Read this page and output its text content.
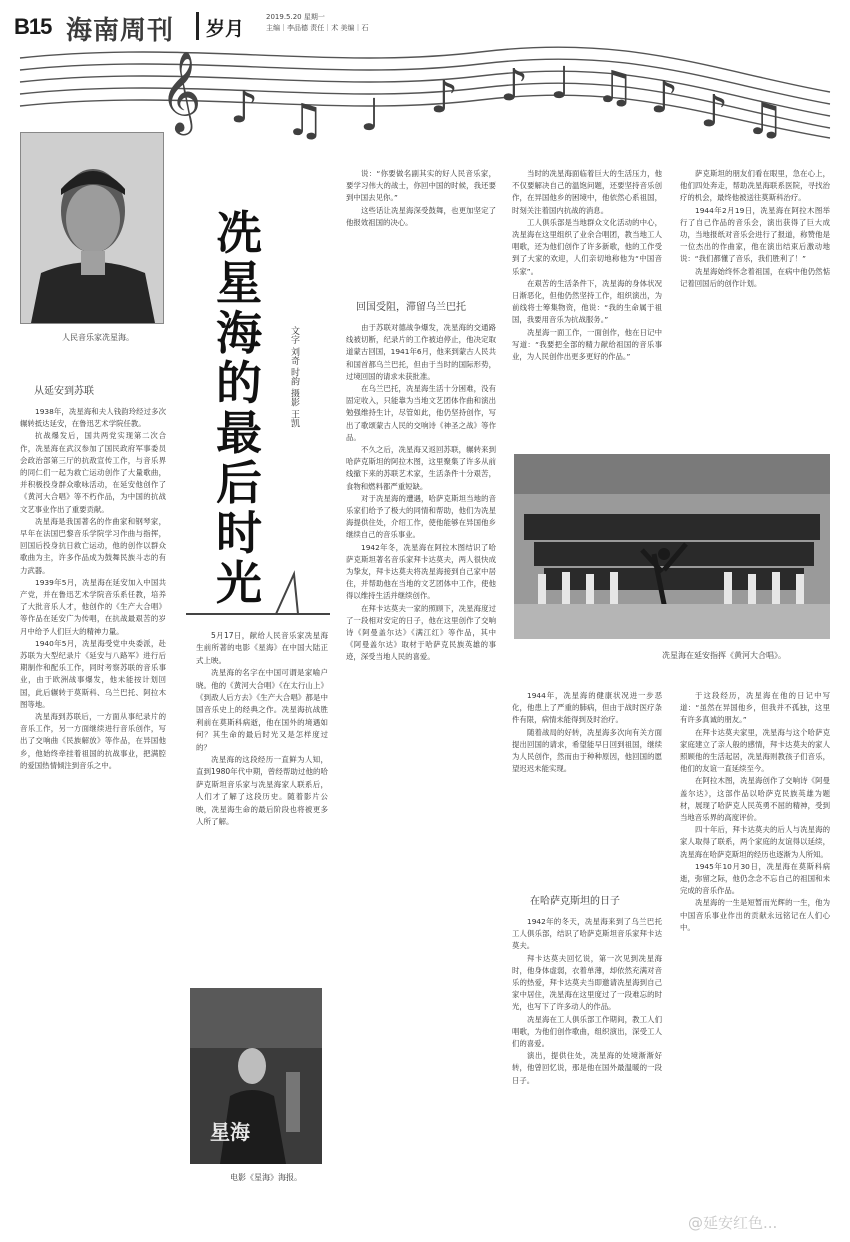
B15 海南周刊 岁月
2019.5.20 星期一
主编｜李品德 责任｜术 美编｜石
𝄞 ♪ ♫ ♩ ♪ ♪ ♩ ♫ ♪ ♪ ♫
人民音乐家冼星海。
冼
星
海
的
最
后
时
光
文字 刘奇 时韵 摄影 王凯
从延安到苏联

1938年，冼星海和夫人钱韵玲经过多次辗转抵达延安，在鲁迅艺术学院任教。

抗战爆发后，国共两党实现第二次合作，冼星海在武汉参加了国民政府军事委员会政治部第三厅的抗敌宣传工作，与音乐界的同仁们一起为救亡运动创作了大量歌曲，并积极投身群众歌咏活动，在延安他创作了《黄河大合唱》等不朽作品，为中国的抗战文艺事业作出了重要贡献。

冼星海是我国著名的作曲家和钢琴家，早年在法国巴黎音乐学院学习作曲与指挥，回国后投身抗日救亡运动，他的创作以群众歌曲为主，许多作品成为鼓舞民族斗志的有力武器。

1939年5月，冼星海在延安加入中国共产党，并在鲁迅艺术学院音乐系任教，培养了大批音乐人才，他创作的《生产大合唱》等作品在延安广为传唱，在抗战最艰苦的岁月中给予人们巨大的精神力量。

1940年5月，冼星海受党中央委派，赴苏联为大型纪录片《延安与八路军》进行后期制作和配乐工作，同时考察苏联的音乐事业，由于欧洲战事爆发，他未能按计划回国，此后辗转于莫斯科、乌兰巴托、阿拉木图等地。

冼星海到苏联后，一方面从事纪录片的音乐工作，另一方面继续进行音乐创作，写出了交响曲《民族解放》等作品，在异国他乡，他始终牵挂着祖国的抗战事业，把满腔的爱国热情倾注到音乐之中。

5月17日，献给人民音乐家冼星海生前所著的电影《星海》在中国大陆正式上映。

冼星海的名字在中国可谓是家喻户晓。他的《黄河大合唱》《在太行山上》《到敌人后方去》《生产大合唱》都是中国音乐史上的经典之作。冼星海抗战胜利前在莫斯科病逝，他在国外的境遇如何？其生命的最后时光又是怎样度过的？

冼星海的这段经历一直鲜为人知，直到1980年代中期，曾经帮助过他的哈萨克斯坦音乐家与冼星海家人联系后，人们才了解了这段历史。随着影片公映，冼星海生命的最后阶段也将被更多人所了解。

星海
电影《星海》海报。

说：“你要做名副其实的好人民音乐家，要学习伟大的战士，你回中国的时候，我还要到中国去见你。”

这些话让冼星海深受鼓舞，也更加坚定了他报效祖国的决心。

回国受阻，滞留乌兰巴托

由于苏联对德战争爆发，冼星海的交通路线被切断，纪录片的工作被迫停止，他决定取道蒙古回国，1941年6月，他来到蒙古人民共和国首都乌兰巴托，但由于当时的国际形势，过境回国的请求未获批准。

在乌兰巴托，冼星海生活十分困难，没有固定收入，只能靠为当地文艺团体作曲和演出勉强维持生计，尽管如此，他仍坚持创作，写出了歌颂蒙古人民的交响诗《神圣之战》等作品。

不久之后，冼星海又返回苏联，辗转来到哈萨克斯坦的阿拉木图，这里聚集了许多从前线撤下来的苏联艺术家，生活条件十分艰苦，食物和燃料都严重短缺。

对于冼星海的遭遇，哈萨克斯坦当地的音乐家们给予了极大的同情和帮助，他们为冼星海提供住处，介绍工作，使他能够在异国他乡继续自己的音乐事业。

1942年冬，冼星海在阿拉木图结识了哈萨克斯坦著名音乐家拜卡达莫夫，两人很快成为挚友，拜卡达莫夫将冼星海接到自己家中居住，并帮助他在当地的文艺团体中工作，使他得以维持生活并继续创作。

在拜卡达莫夫一家的照顾下，冼星海度过了一段相对安定的日子，他在这里创作了交响诗《阿曼盖尔达》《满江红》等作品，其中《阿曼盖尔达》取材于哈萨克民族英雄的事迹，深受当地人民的喜爱。

当时的冼星海面临着巨大的生活压力，他不仅要解决自己的温饱问题，还要坚持音乐创作，在异国他乡的困境中，他依然心系祖国，时刻关注着国内抗战的消息。

工人俱乐部是当地群众文化活动的中心，冼星海在这里组织了业余合唱团，教当地工人唱歌，还为他们创作了许多新歌，他的工作受到了大家的欢迎，人们亲切地称他为“中国音乐家”。

在艰苦的生活条件下，冼星海的身体状况日渐恶化，但他仍然坚持工作，组织演出，为前线将士筹集物资，他说：“我的生命属于祖国，我要用音乐为抗战服务。”

冼星海一面工作，一面创作，他在日记中写道：“我要把全部的精力献给祖国的音乐事业，为人民创作出更多更好的作品。”

萨克斯坦的朋友们看在眼里，急在心上，他们四处奔走，帮助冼星海联系医院，寻找治疗的机会，最终他被送往莫斯科治疗。

1944年2月19日，冼星海在阿拉木图举行了自己作品的音乐会，演出获得了巨大成功，当地报纸对音乐会进行了报道，称赞他是一位杰出的作曲家，他在演出结束后激动地说：“我们都懂了音乐，我们胜利了！”

冼星海始终怀念着祖国，在病中他仍然惦记着回国后的创作计划。

冼星海在延安指挥《黄河大合唱》。

1944年，冼星海的健康状况进一步恶化，他患上了严重的肺病，但由于战时医疗条件有限，病情未能得到及时治疗。

随着战局的好转，冼星海多次向有关方面提出回国的请求，希望能早日回到祖国，继续为人民创作，然而由于种种原因，他回国的愿望迟迟未能实现。

在哈萨克斯坦的日子

1942年的冬天，冼星海来到了乌兰巴托工人俱乐部，结识了哈萨克斯坦音乐家拜卡达莫夫。

拜卡达莫夫回忆说，第一次见到冼星海时，他身体虚弱，衣着单薄，却依然充满对音乐的热爱，拜卡达莫夫当即邀请冼星海到自己家中居住，冼星海在这里度过了一段难忘的时光，也写下了许多动人的作品。

冼星海在工人俱乐部工作期间，教工人们唱歌，为他们创作歌曲，组织演出，深受工人们的喜爱。

演出，提供住处，冼星海的处境渐渐好转，他曾回忆说，那是他在国外最温暖的一段日子。

于这段经历，冼星海在他的日记中写道：“虽然在异国他乡，但我并不孤独，这里有许多真诚的朋友。”

在拜卡达莫夫家里，冼星海与这个哈萨克家庭建立了亲人般的感情，拜卡达莫夫的家人照顾他的生活起居，冼星海则教孩子们音乐，他们的友谊一直延续至今。

在阿拉木图，冼星海创作了交响诗《阿曼盖尔达》，这部作品以哈萨克民族英雄为题材，展现了哈萨克人民英勇不屈的精神，受到当地音乐界的高度评价。

四十年后，拜卡达莫夫的后人与冼星海的家人取得了联系，两个家庭的友谊得以延续，冼星海在哈萨克斯坦的经历也逐渐为人所知。

1945年10月30日，冼星海在莫斯科病逝，弥留之际，他仍念念不忘自己的祖国和未完成的音乐作品。

冼星海的一生是短暂而光辉的一生，他为中国音乐事业作出的贡献永远铭记在人们心中。

@延安红色...
